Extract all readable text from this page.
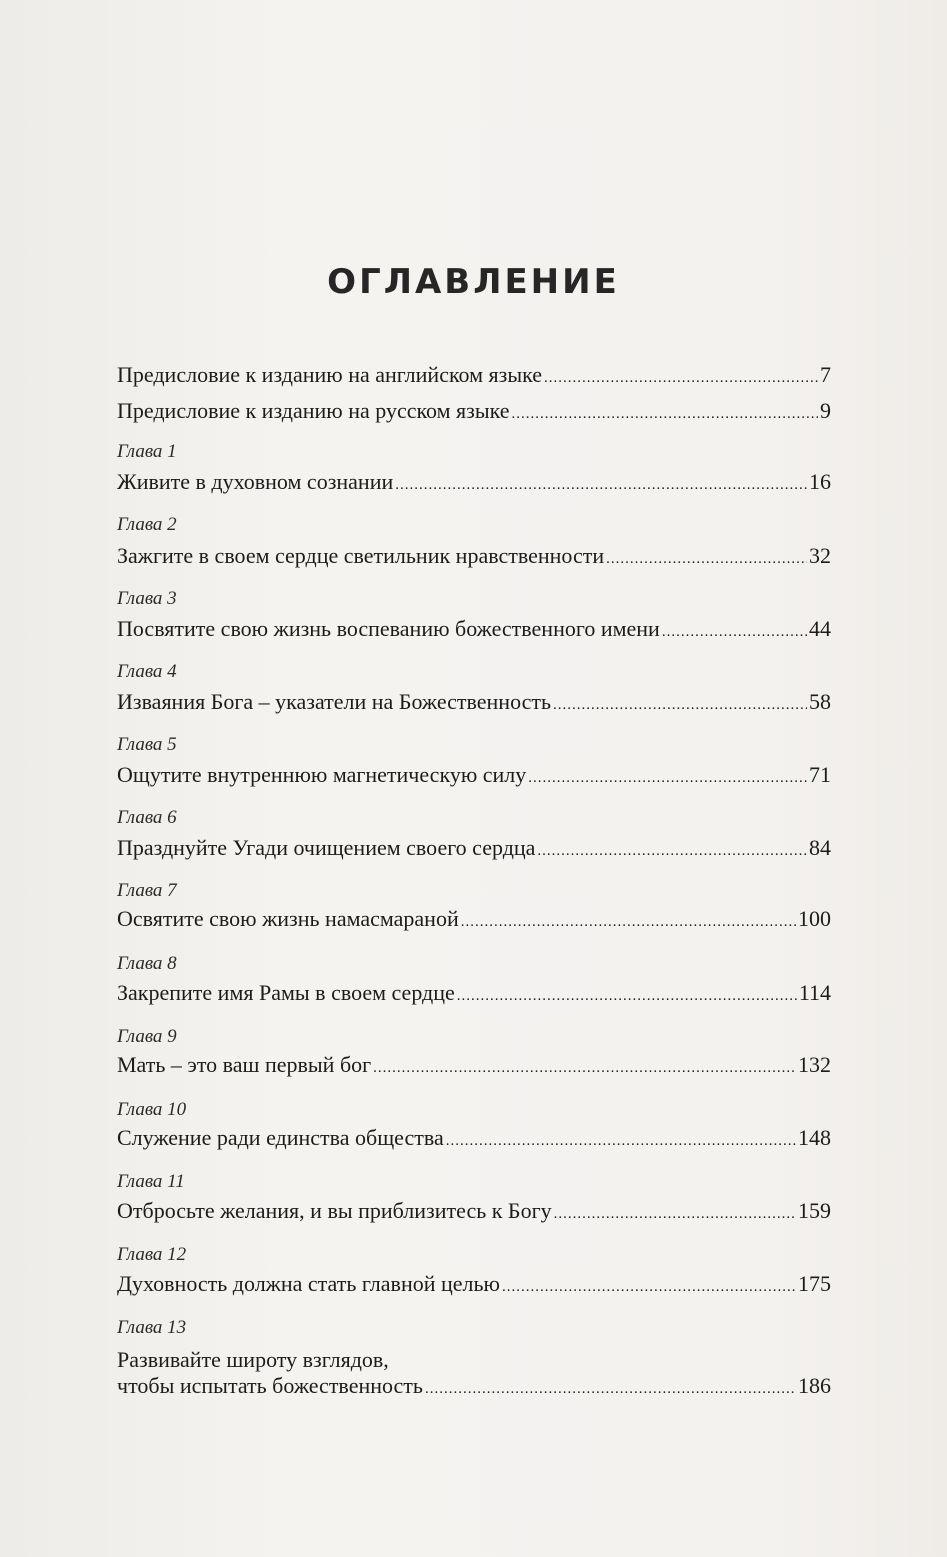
ОГЛАВЛЕНИЕ
Предисловие к изданию на английском языке .....	7
Предисловие к изданию на русском языке .....	9
Глава 1
Живите в духовном сознании .....	16
Глава 2
Зажгите в своем сердце светильник нравственности .....	32
Глава 3
Посвятите свою жизнь воспеванию божественного имени .....	44
Глава 4
Изваяния Бога – указатели на Божественность .....	58
Глава 5
Ощутите внутреннюю магнетическую силу .....	71
Глава 6
Празднуйте Угади очищением своего сердца .....	84
Глава 7
Освятите свою жизнь намасмараной .....	100
Глава 8
Закрепите имя Рамы в своем сердце .....	114
Глава 9
Мать – это ваш первый бог .....	132
Глава 10
Служение ради единства общества .....	148
Глава 11
Отбросьте желания, и вы приблизитесь к Богу .....	159
Глава 12
Духовность должна стать главной целью .....	175
Глава 13
Развивайте широту взглядов,
чтобы испытать божественность .....	186
